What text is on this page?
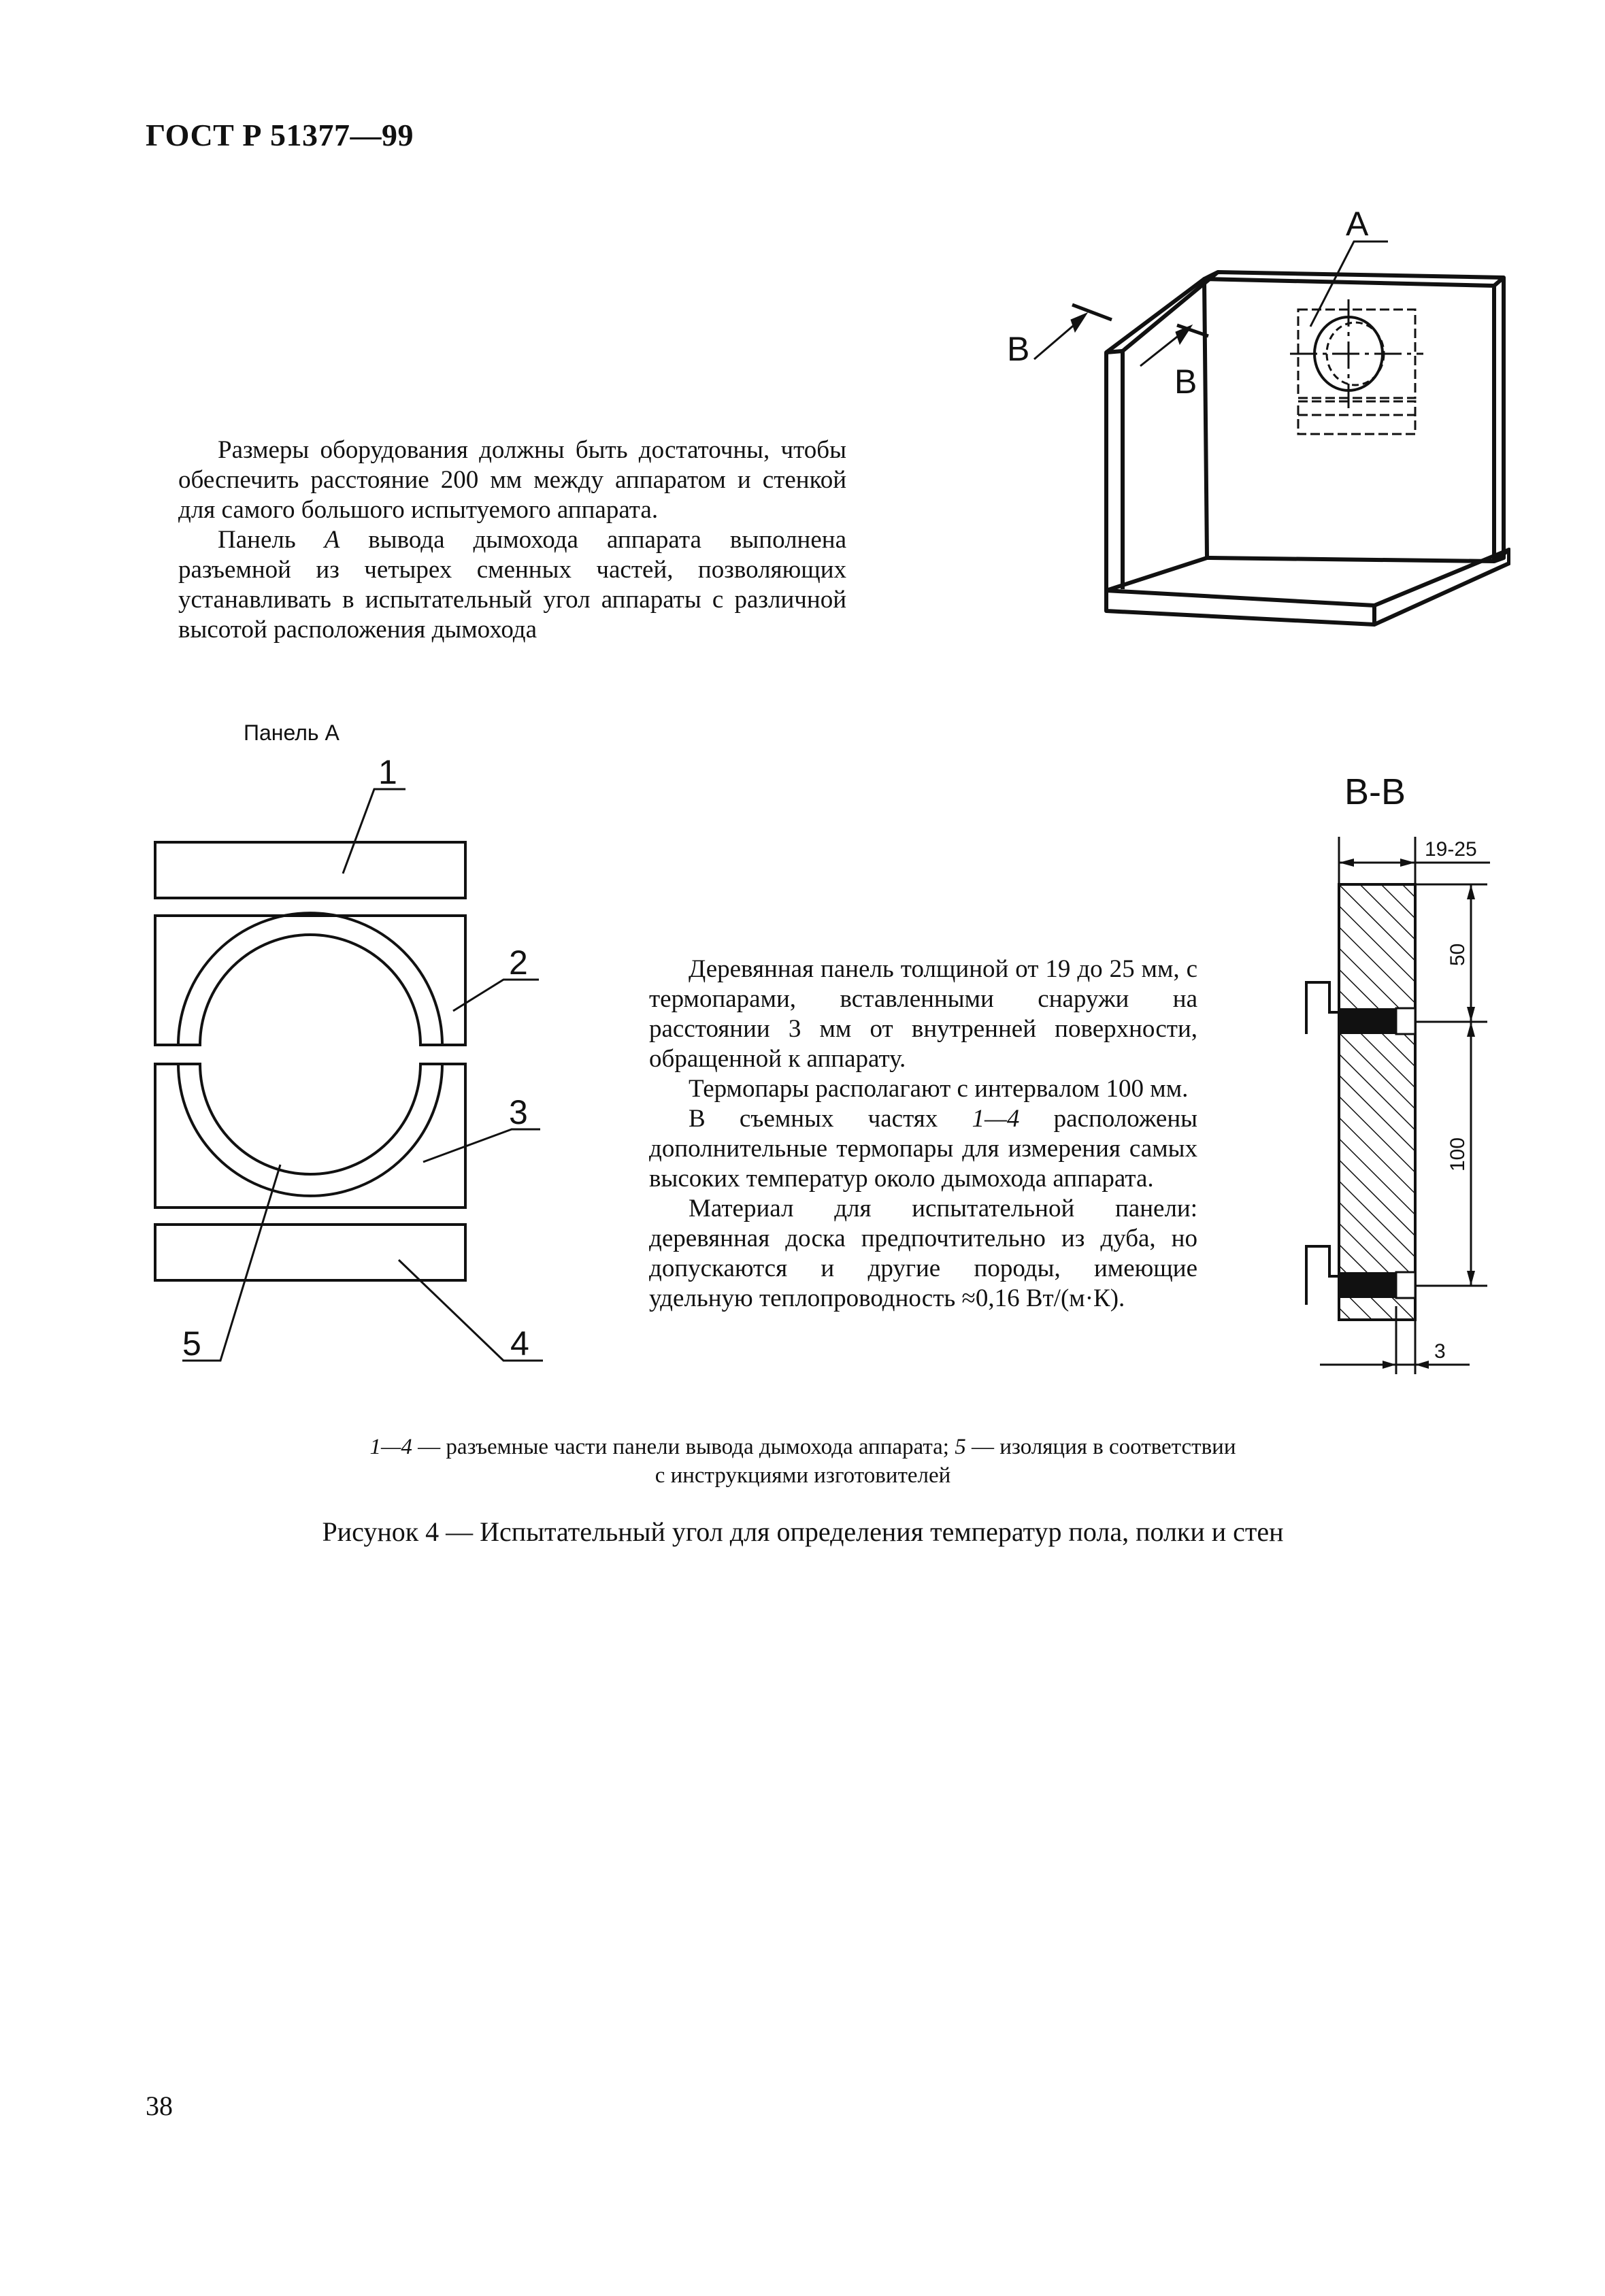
ГОСТ Р 51377—99

Размеры оборудования должны быть достаточны, чтобы обеспечить расстояние 200 мм между аппаратом и стенкой для самого большого испытуемого аппарата.

Панель А вывода дымохода аппарата выполнена разъемной из четырех сменных частей, позволяющих устанавливать в испытательный угол аппараты с различной высотой расположения дымохода

А
В
В
Панель А
1
2
3
4
5

Деревянная панель толщиной от 19 до 25 мм, с термопарами, вставленными снаружи на расстоянии 3 мм от внутренней поверхности, обращенной к аппарату.

Термопары располагают с интервалом 100 мм.

В съемных частях 1—4 расположены дополнительные термопары для измерения самых высоких температур около дымохода аппарата.

Материал для испытательной панели: деревянная доска предпочтительно из дуба, но допускаются и другие породы, имеющие удельную теплопроводность ≈0,16 Вт/(м·К).

В-В
19-25
50
100
3
1—4 — разъемные части панели вывода дымохода аппарата; 5 — изоляция в соответствии
с инструкциями изготовителей
Рисунок 4 — Испытательный угол для определения температур пола, полки и стен
38
